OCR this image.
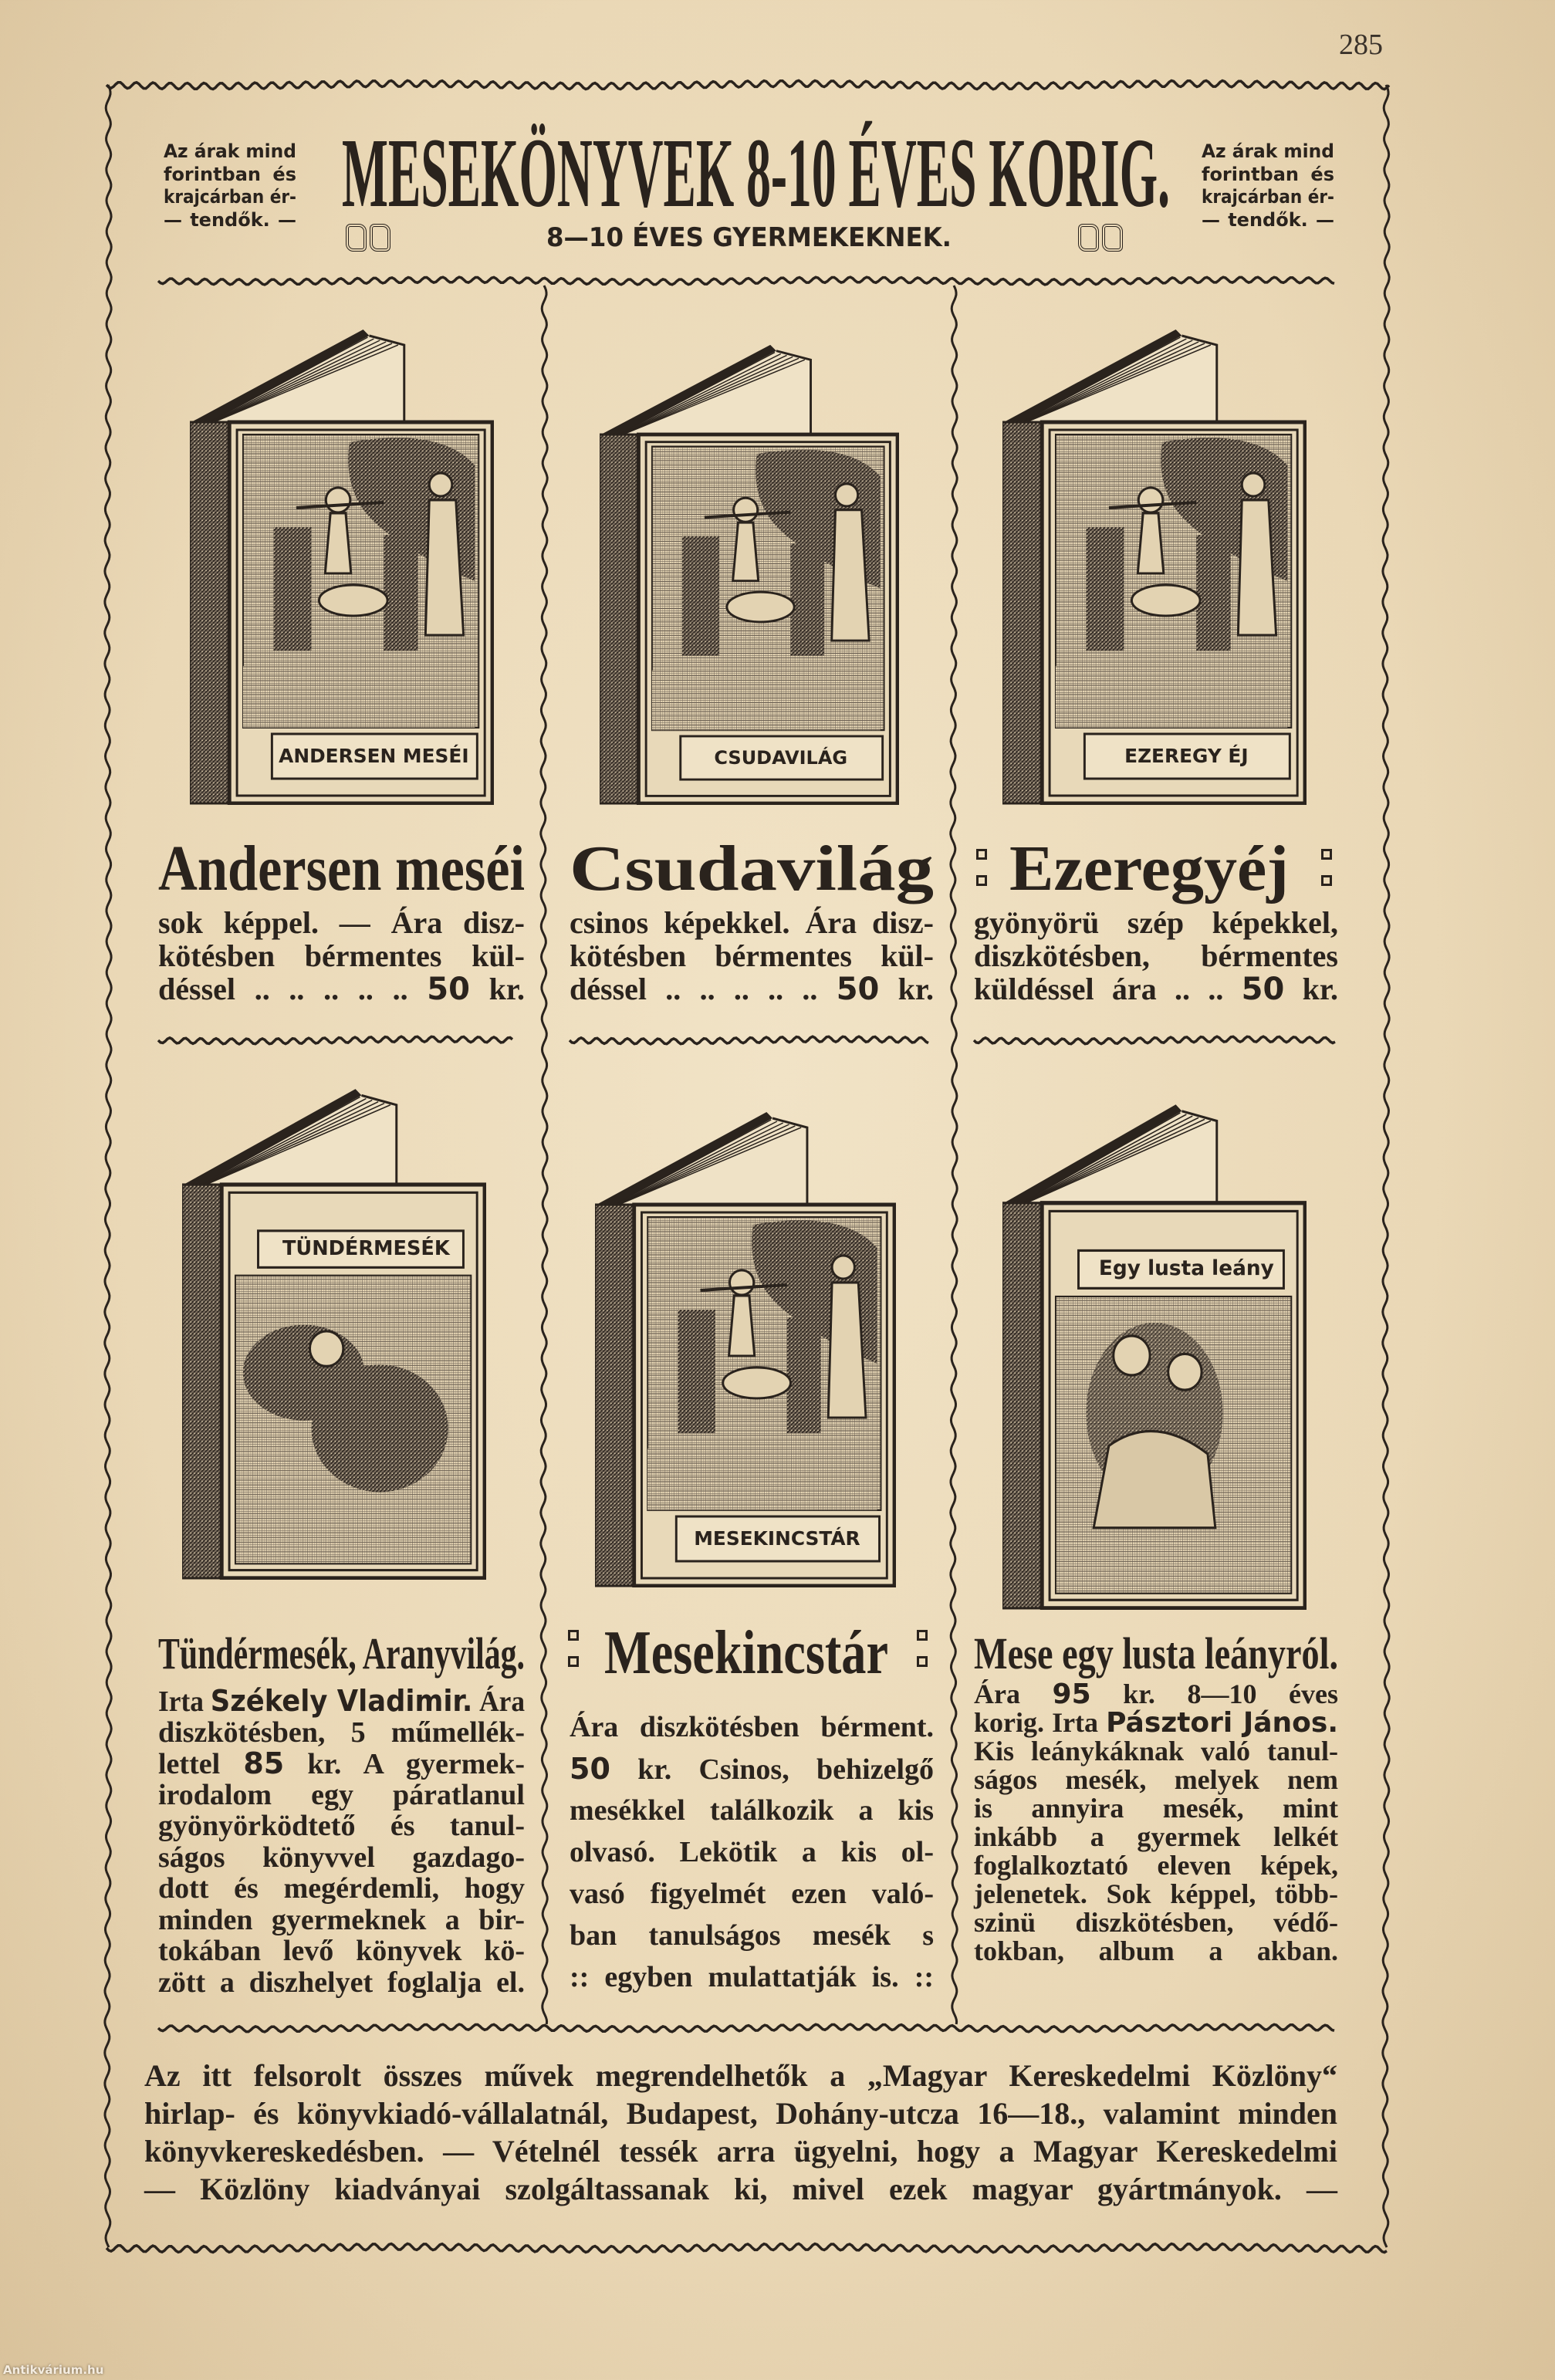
285
Az árak mind
forintban és
krajcárban ér-
— tendők. —
Az árak mind
forintban és
krajcárban ér-
— tendők. —
MESEKÖNYVEK 8-10 ÉVES KORIG.
8—10 ÉVES GYERMEKEKNEK.
ANDERSEN MESÉI
Andersen meséi
sok képpel. — Ára disz-
kötésben bérmentes kül-
déssel .. .. .. .. .. 50 kr.
CSUDAVILÁG
Csudavilág
csinos képekkel. Ára disz-
kötésben bérmentes kül-
déssel .. .. .. .. .. 50 kr.
EZEREGY ÉJ
Ezeregyéj
gyönyörü szép képekkel,
diszkötésben, bérmentes
küldéssel ára .. .. 50 kr.
TÜNDÉRMESÉK
Tündérmesék, Aranyvilág.
Irta Székely Vladimir. Ára
diszkötésben, 5 műmellék-
lettel 85 kr. A gyermek-
irodalom egy páratlanul
gyönyörködtető és tanul-
ságos könyvvel gazdago-
dott és megérdemli, hogy
minden gyermeknek a bir-
tokában levő könyvek kö-
zött a diszhelyet foglalja el.
MESEKINCSTÁR
Mesekincstár
Ára diszkötésben bérment.
50 kr. Csinos, behizelgő
mesékkel találkozik a kis
olvasó. Lekötik a kis ol-
vasó figyelmét ezen való-
ban tanulságos mesék s
:: egyben mulattatják is. ::
Egy lusta leány
Mese egy lusta leányról.
Ára 95 kr. 8—10 éves
korig. Irta Pásztori János.
Kis leánykáknak való tanul-
ságos mesék, melyek nem
is annyira mesék, mint
inkább a gyermek lelkét
foglalkoztató eleven képek,
jelenetek. Sok képpel, több-
szinü diszkötésben, védő-
tokban, album a akban.
Az itt felsorolt összes művek megrendelhetők a „Magyar Kereskedelmi Közlöny“
hirlap- és könyvkiadó-vállalatnál, Budapest, Dohány-utcza 16—18., valamint minden
könyvkereskedésben. — Vételnél tessék arra ügyelni, hogy a Magyar Kereskedelmi
— Közlöny kiadványai szolgáltassanak ki, mivel ezek magyar gyártmányok. —
Antikvárium.hu
